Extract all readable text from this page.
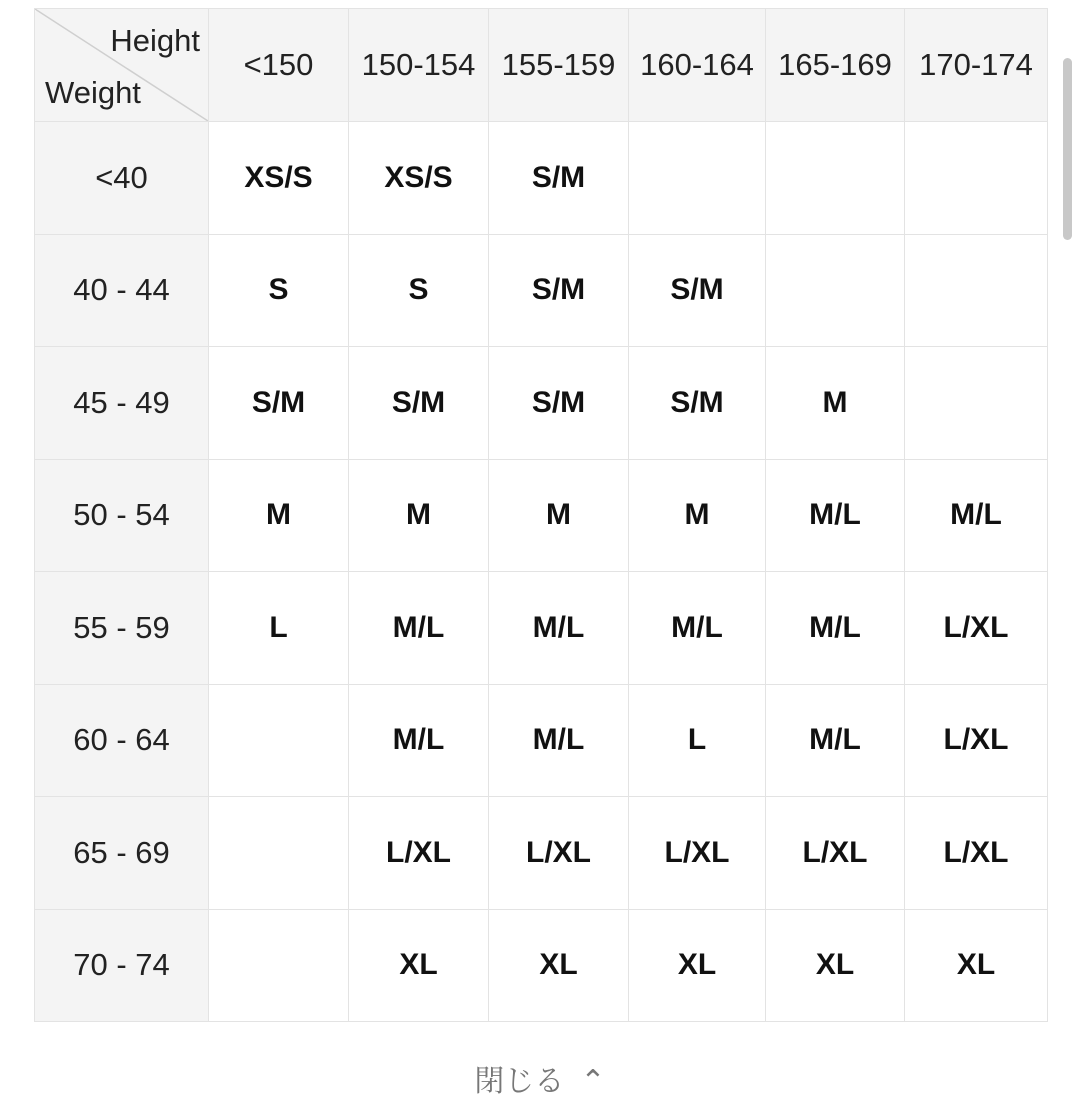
Height
Weight	<150	150-154	155-159	160-164	165-169	170-174
<40	XS/S	XS/S	S/M			
40 - 44	S	S	S/M	S/M		
45 - 49	S/M	S/M	S/M	S/M	M	
50 - 54	M	M	M	M	M/L	M/L
55 - 59	L	M/L	M/L	M/L	M/L	L/XL
60 - 64		M/L	M/L	L	M/L	L/XL
65 - 69		L/XL	L/XL	L/XL	L/XL	L/XL
70 - 74		XL	XL	XL	XL	XL
閉じる ⌃
